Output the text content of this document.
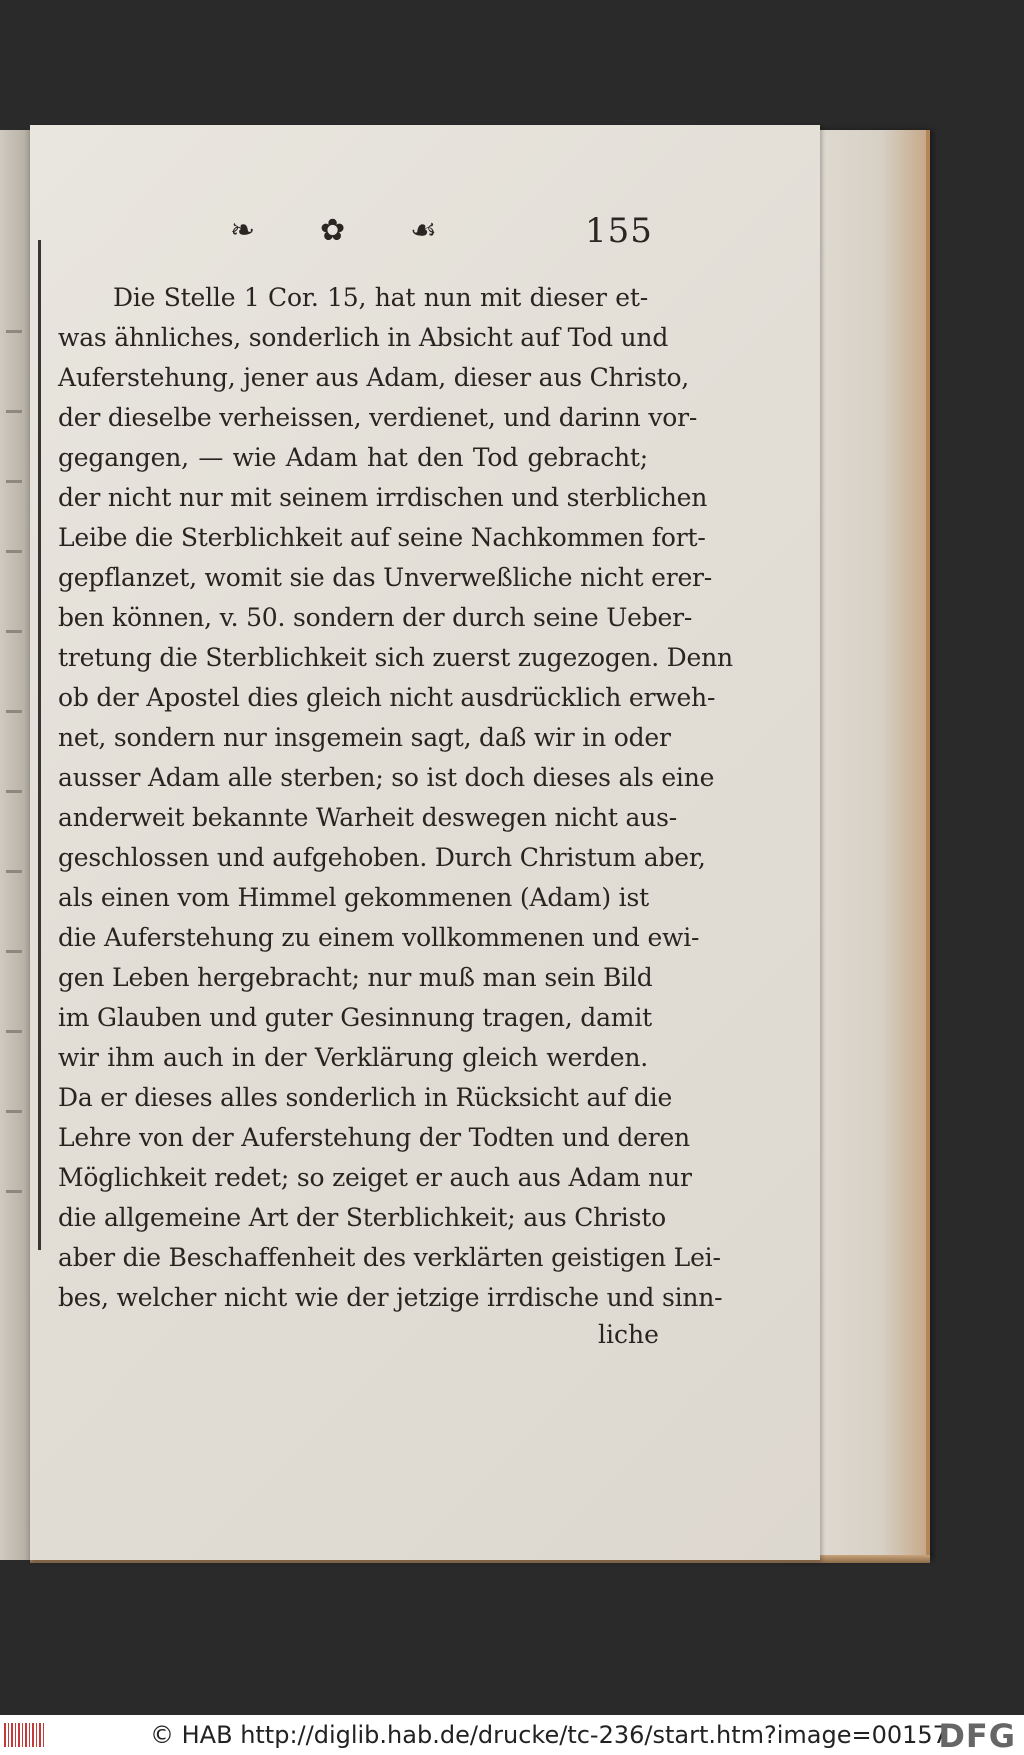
❧ ✿ ☙	155
Die Stelle 1 Cor. 15, hat nun mit dieser et-
was ähnliches, sonderlich in Absicht auf Tod und
Auferstehung, jener aus Adam, dieser aus Christo,
der dieselbe verheissen, verdienet, und darinn vor-
gegangen, — wie Adam hat den Tod gebracht;
der nicht nur mit seinem irrdischen und sterblichen
Leibe die Sterblichkeit auf seine Nachkommen fort-
gepflanzet, womit sie das Unverweßliche nicht erer-
ben können, v. 50. sondern der durch seine Ueber-
tretung die Sterblichkeit sich zuerst zugezogen. Denn
ob der Apostel dies gleich nicht ausdrücklich erweh-
net, sondern nur insgemein sagt, daß wir in oder
ausser Adam alle sterben; so ist doch dieses als eine
anderweit bekannte Warheit deswegen nicht aus-
geschlossen und aufgehoben. Durch Christum aber,
als einen vom Himmel gekommenen (Adam) ist
die Auferstehung zu einem vollkommenen und ewi-
gen Leben hergebracht; nur muß man sein Bild
im Glauben und guter Gesinnung tragen, damit
wir ihm auch in der Verklärung gleich werden.
Da er dieses alles sonderlich in Rücksicht auf die
Lehre von der Auferstehung der Todten und deren
Möglichkeit redet; so zeiget er auch aus Adam nur
die allgemeine Art der Sterblichkeit; aus Christo
aber die Beschaffenheit des verklärten geistigen Lei-
bes, welcher nicht wie der jetzige irrdische und sinn-
liche
© HAB http://diglib.hab.de/drucke/tc-236/start.htm?image=00157
DFG
